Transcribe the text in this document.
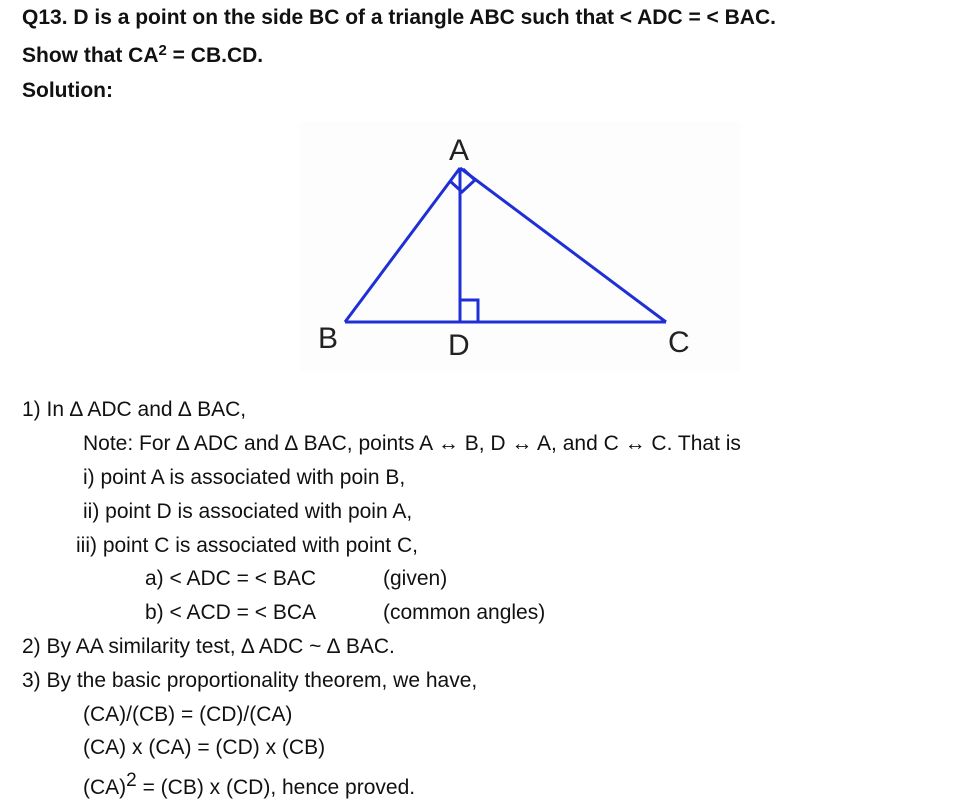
Q13. D is a point on the side BC of a triangle ABC such that < ADC = < BAC.
Show that $CA^2 = CB.CD$.
Solution:
A
B	C
D
1) In ∆ ADC and ∆ BAC,
Note: For ∆ ADC and ∆ BAC, points A ↔ B, D ↔ A, and C ↔ C. That is
i) point A is associated with poin B,
ii) point D is associated with poin A,
iii) point C is associated with point C,
a) < ADC = < BAC	(given)
b) < ACD = < BCA	(common angles)
2) By AA similarity test, ∆ ADC ~ ∆ BAC.
3) By the basic proportionality theorem, we have,
(CA)/(CB) = (CD)/(CA)
(CA) x (CA) = (CD) x (CB)
(CA)$^2$ = (CB) x (CD), hence proved.
